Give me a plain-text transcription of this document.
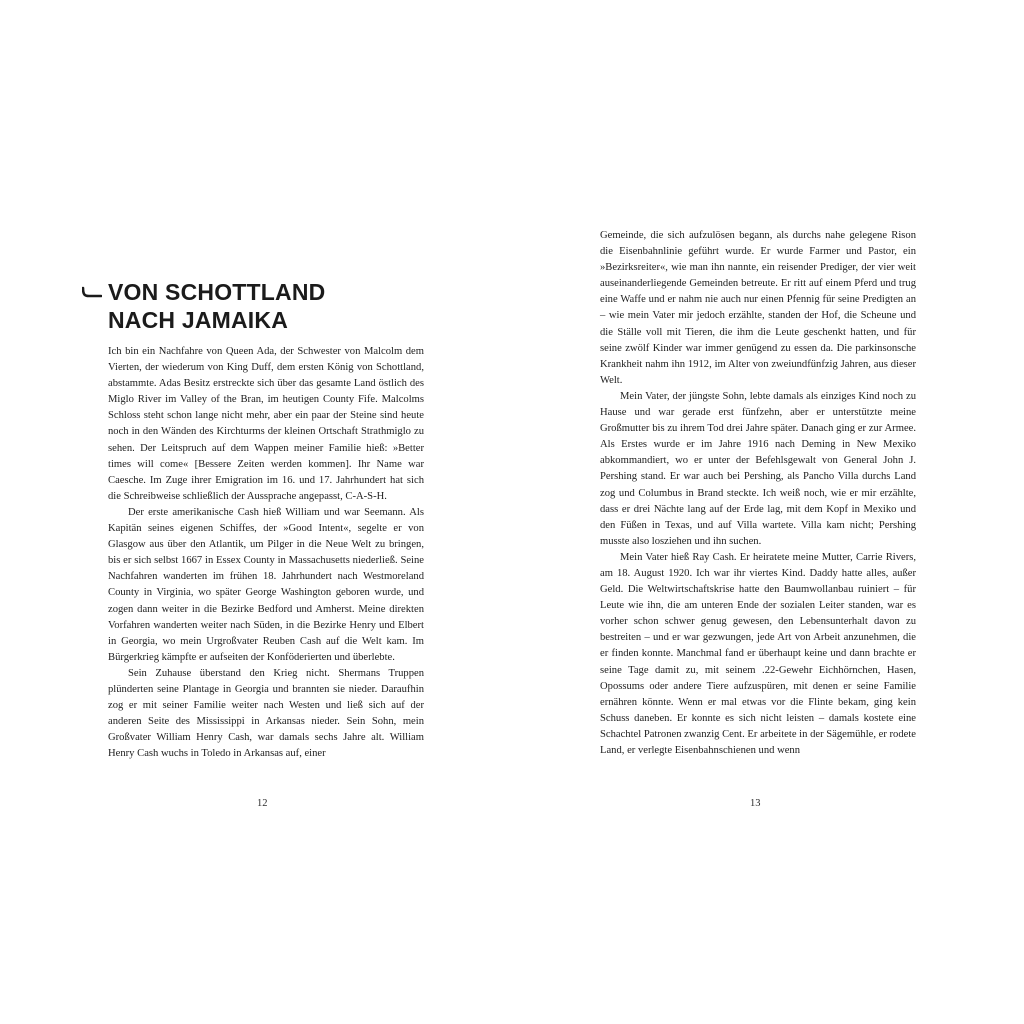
VON SCHOTTLAND
NACH JAMAIKA

Ich bin ein Nachfahre von Queen Ada, der Schwester von Malcolm dem Vierten, der wiederum von King Duff, dem ersten König von Schottland, abstammte. Adas Besitz erstreckte sich über das gesamte Land östlich des Miglo River im Valley of the Bran, im heutigen County Fife. Malcolms Schloss steht schon lange nicht mehr, aber ein paar der Steine sind heute noch in den Wänden des Kirchturms der kleinen Ortschaft Strathmiglo zu sehen. Der Leitspruch auf dem Wappen meiner Familie hieß: »Better times will come« [Bessere Zeiten werden kommen]. Ihr Name war Caesche. Im Zuge ihrer Emigration im 16. und 17. Jahrhundert hat sich die Schreibweise schließlich der Aussprache angepasst, C-A-S-H.

Der erste amerikanische Cash hieß William und war Seemann. Als Kapitän seines eigenen Schiffes, der »Good Intent«, segelte er von Glasgow aus über den Atlantik, um Pilger in die Neue Welt zu bringen, bis er sich selbst 1667 in Essex County in Massachusetts niederließ. Seine Nachfahren wanderten im frühen 18. Jahrhundert nach Westmoreland County in Virginia, wo später George Washington geboren wurde, und zogen dann weiter in die Bezirke Bedford und Amherst. Meine direkten Vorfahren wanderten weiter nach Süden, in die Bezirke Henry und Elbert in Georgia, wo mein Urgroßvater Reuben Cash auf die Welt kam. Im Bürgerkrieg kämpfte er aufseiten der Konföderierten und überlebte.

Sein Zuhause überstand den Krieg nicht. Shermans Truppen plünderten seine Plantage in Georgia und brannten sie nieder. Daraufhin zog er mit seiner Familie weiter nach Westen und ließ sich auf der anderen Seite des Mississippi in Arkansas nieder. Sein Sohn, mein Großvater William Henry Cash, war damals sechs Jahre alt. William Henry Cash wuchs in Toledo in Arkansas auf, einer

Gemeinde, die sich aufzulösen begann, als durchs nahe gelegene Rison die Eisenbahnlinie geführt wurde. Er wurde Farmer und Pastor, ein »Bezirksreiter«, wie man ihn nannte, ein reisender Prediger, der vier weit auseinanderliegende Gemeinden betreute. Er ritt auf einem Pferd und trug eine Waffe und er nahm nie auch nur einen Pfennig für seine Predigten an – wie mein Vater mir jedoch erzählte, standen der Hof, die Scheune und die Ställe voll mit Tieren, die ihm die Leute geschenkt hatten, und für seine zwölf Kinder war immer genügend zu essen da. Die parkinsonsche Krankheit nahm ihn 1912, im Alter von zweiundfünfzig Jahren, aus dieser Welt.

Mein Vater, der jüngste Sohn, lebte damals als einziges Kind noch zu Hause und war gerade erst fünfzehn, aber er unterstützte meine Großmutter bis zu ihrem Tod drei Jahre später. Danach ging er zur Armee. Als Erstes wurde er im Jahre 1916 nach Deming in New Mexiko abkommandiert, wo er unter der Befehlsgewalt von General John J. Pershing stand. Er war auch bei Pershing, als Pancho Villa durchs Land zog und Columbus in Brand steckte. Ich weiß noch, wie er mir erzählte, dass er drei Nächte lang auf der Erde lag, mit dem Kopf in Mexiko und den Füßen in Texas, und auf Villa wartete. Villa kam nicht; Pershing musste also losziehen und ihn suchen.

Mein Vater hieß Ray Cash. Er heiratete meine Mutter, Carrie Rivers, am 18. August 1920. Ich war ihr viertes Kind. Daddy hatte alles, außer Geld. Die Weltwirtschaftskrise hatte den Baumwollanbau ruiniert – für Leute wie ihn, die am unteren Ende der sozialen Leiter standen, war es vorher schon schwer genug gewesen, den Lebensunterhalt davon zu bestreiten – und er war gezwungen, jede Art von Arbeit anzunehmen, die er finden konnte. Manchmal fand er überhaupt keine und dann brachte er seine Tage damit zu, mit seinem .22-Gewehr Eichhörnchen, Hasen, Opossums oder andere Tiere aufzuspüren, mit denen er seine Familie ernähren könnte. Wenn er mal etwas vor die Flinte bekam, ging kein Schuss daneben. Er konnte es sich nicht leisten – damals kostete eine Schachtel Patronen zwanzig Cent. Er arbeitete in der Sägemühle, er rodete Land, er verlegte Eisenbahnschienen und wenn

12	13
